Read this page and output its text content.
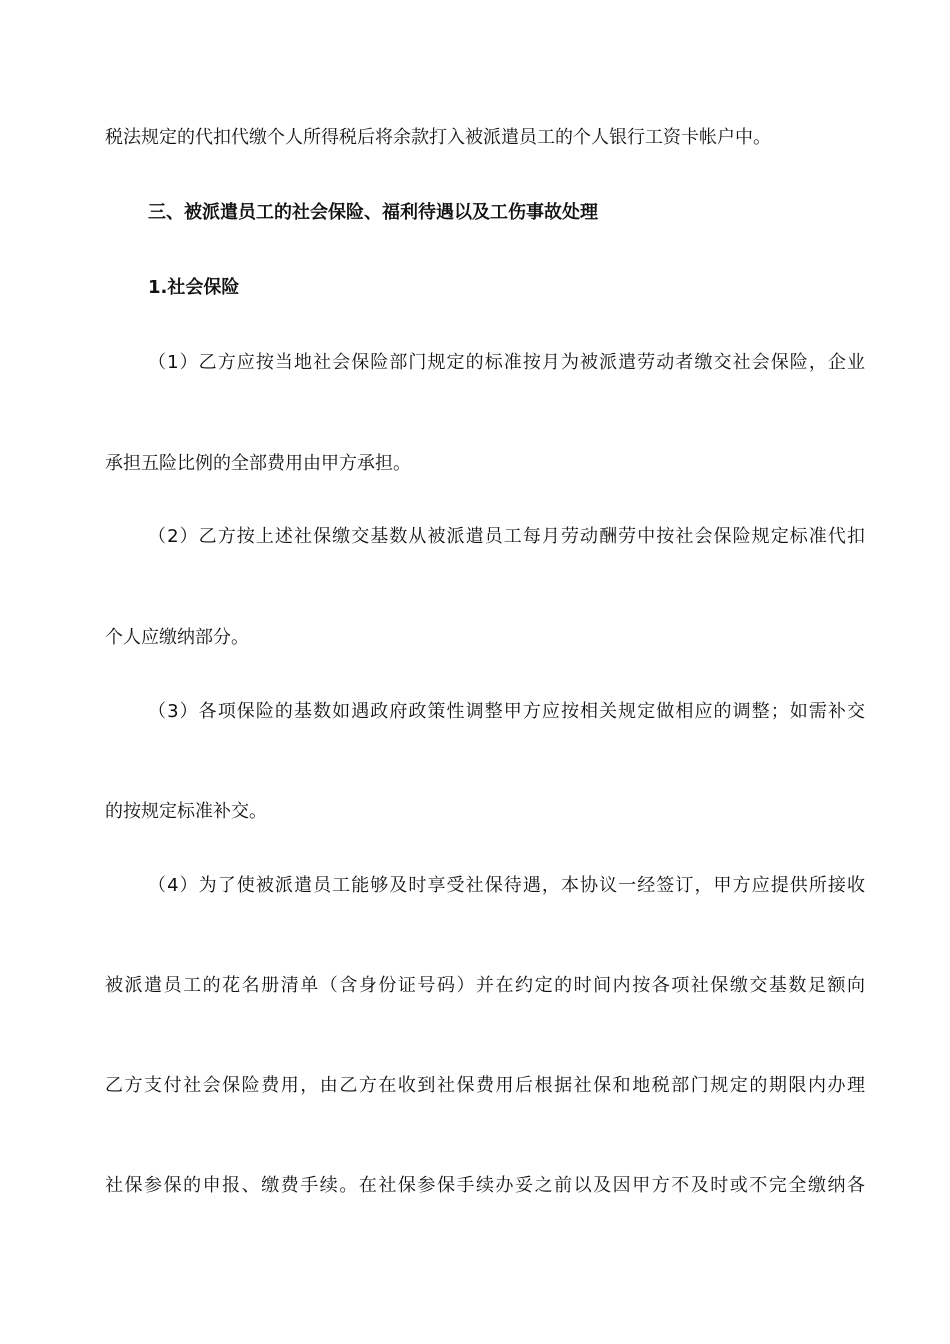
税法规定的代扣代缴个人所得税后将余款打入被派遣员工的个人银行工资卡帐户中。
三、被派遣员工的社会保险、福利待遇以及工伤事故处理
1.社会保险
（1）乙方应按当地社会保险部门规定的标准按月为被派遣劳动者缴交社会保险，企业
承担五险比例的全部费用由甲方承担。
（2）乙方按上述社保缴交基数从被派遣员工每月劳动酬劳中按社会保险规定标准代扣
个人应缴纳部分。
（3）各项保险的基数如遇政府政策性调整甲方应按相关规定做相应的调整；如需补交
的按规定标准补交。
（4）为了使被派遣员工能够及时享受社保待遇，本协议一经签订，甲方应提供所接收
被派遣员工的花名册清单（含身份证号码）并在约定的时间内按各项社保缴交基数足额向
乙方支付社会保险费用，由乙方在收到社保费用后根据社保和地税部门规定的期限内办理
社保参保的申报、缴费手续。在社保参保手续办妥之前以及因甲方不及时或不完全缴纳各
